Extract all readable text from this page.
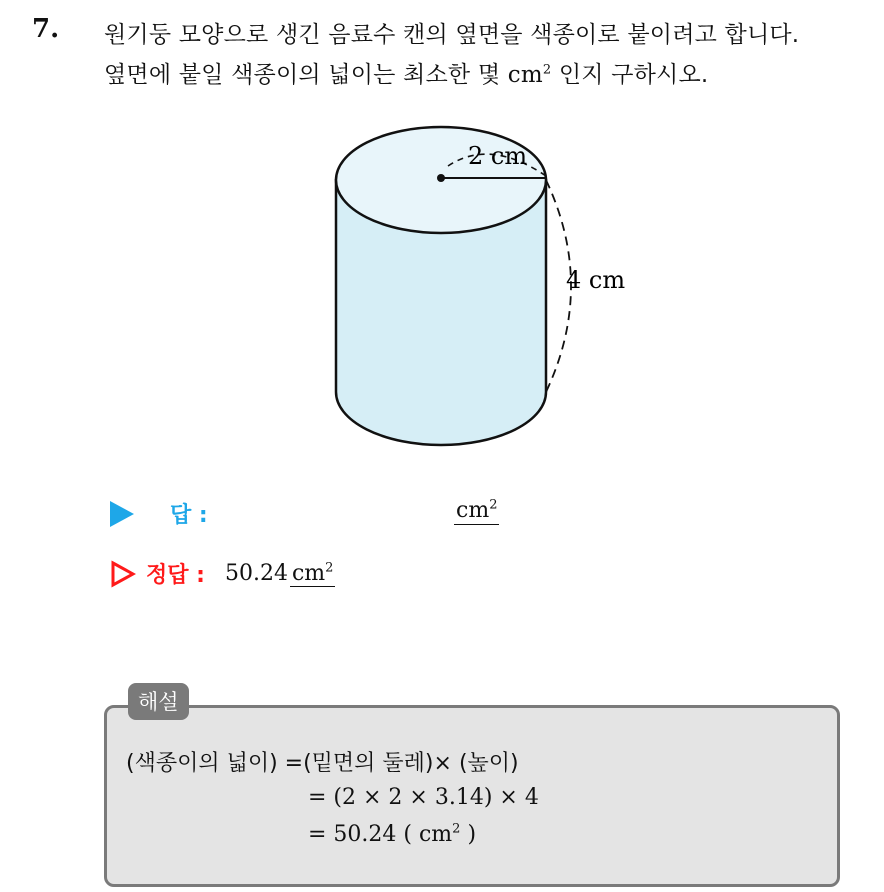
7. 원기둥 모양으로 생긴 음료수 캔의 옆면을 색종이로 붙이려고 합니다.
옆면에 붙일 색종이의 넓이는 최소한 몇 $cm^2$ 인지 구하시오.
2 cm
4 cm
답 :	$cm^2$
정답 : 50.24 $cm^2$
해설
(색종이의 넓이) =(밑면의 둘레)× (높이)
= (2 × 2 × 3.14) × 4
= 50.24 ( $cm^2$ )
